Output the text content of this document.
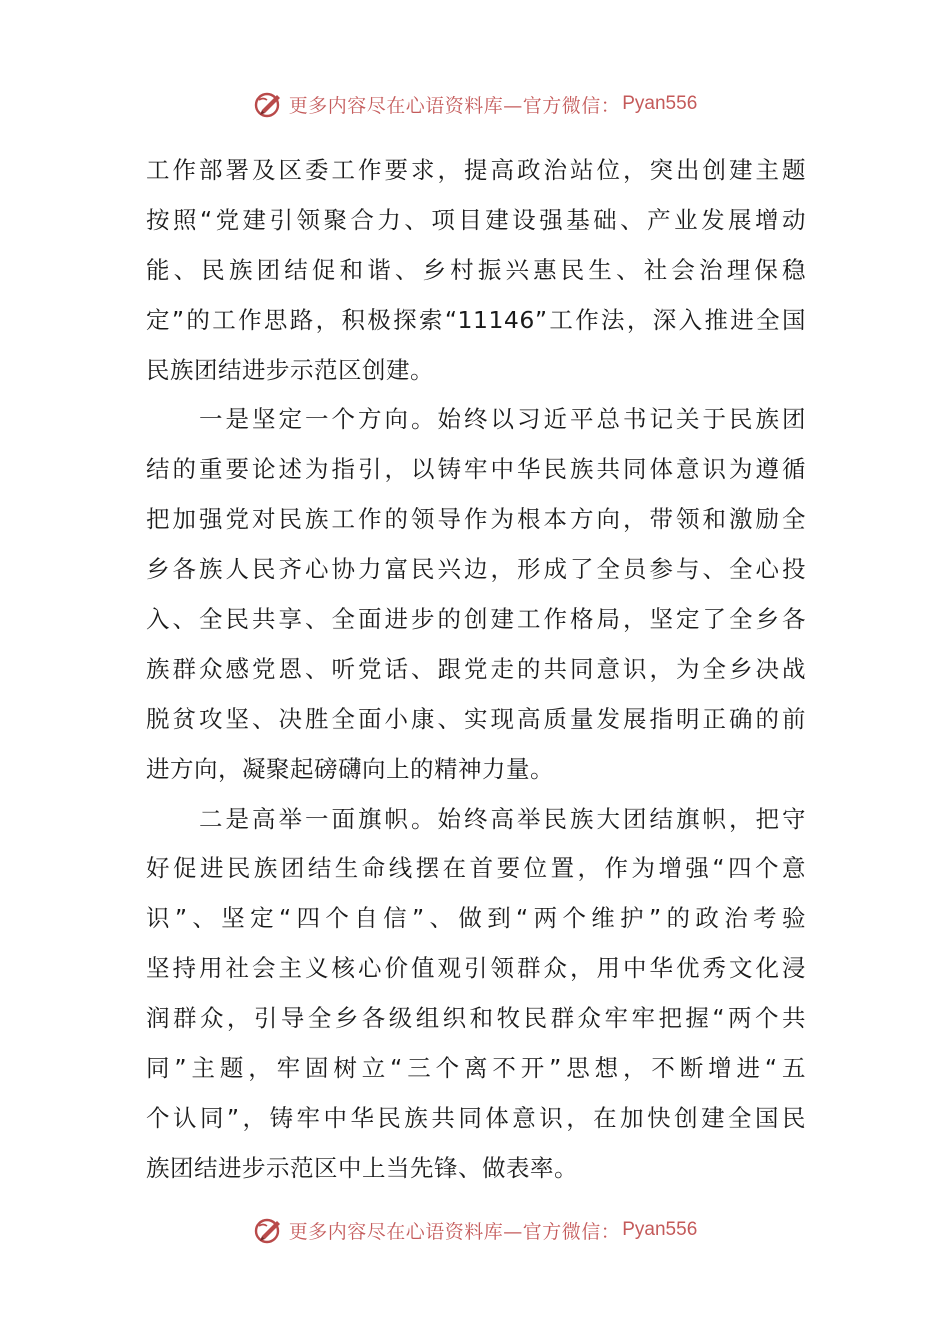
更多内容尽在心语资料库—官方微信： Pyan556
工作部署及区委工作要求，提高政治站位，突出创建主题
按照“党建引领聚合力、项目建设强基础、产业发展增动
能、民族团结促和谐、乡村振兴惠民生、社会治理保稳
定”的工作思路，积极探索“11146”工作法，深入推进全国
民族团结进步示范区创建。
　　一是坚定一个方向。始终以习近平总书记关于民族团
结的重要论述为指引，以铸牢中华民族共同体意识为遵循
把加强党对民族工作的领导作为根本方向，带领和激励全
乡各族人民齐心协力富民兴边，形成了全员参与、全心投
入、全民共享、全面进步的创建工作格局，坚定了全乡各
族群众感党恩、听党话、跟党走的共同意识，为全乡决战
脱贫攻坚、决胜全面小康、实现高质量发展指明正确的前
进方向，凝聚起磅礴向上的精神力量。
　　二是高举一面旗帜。始终高举民族大团结旗帜，把守
好促进民族团结生命线摆在首要位置，作为增强“四个意
识”、坚定“四个自信”、做到“两个维护”的政治考验
坚持用社会主义核心价值观引领群众，用中华优秀文化浸
润群众，引导全乡各级组织和牧民群众牢牢把握“两个共
同”主题，牢固树立“三个离不开”思想，不断增进“五
个认同”，铸牢中华民族共同体意识，在加快创建全国民
族团结进步示范区中上当先锋、做表率。
更多内容尽在心语资料库—官方微信： Pyan556
